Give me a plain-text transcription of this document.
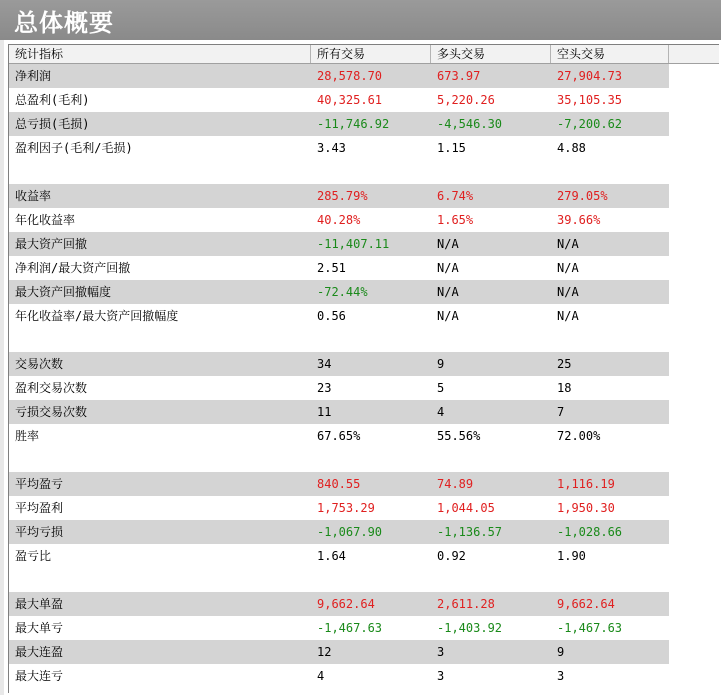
总体概要
统计指标	所有交易	多头交易	空头交易
净利润	28,578.70	673.97	27,904.73
总盈利(毛利)	40,325.61	5,220.26	35,105.35
总亏损(毛损)	-11,746.92	-4,546.30	-7,200.62
盈利因子(毛利/毛损)	3.43	1.15	4.88
收益率	285.79%	6.74%	279.05%
年化收益率	40.28%	1.65%	39.66%
最大资产回撤	-11,407.11	N/A	N/A
净利润/最大资产回撤	2.51	N/A	N/A
最大资产回撤幅度	-72.44%	N/A	N/A
年化收益率/最大资产回撤幅度	0.56	N/A	N/A
交易次数	34	9	25
盈利交易次数	23	5	18
亏损交易次数	11	4	7
胜率	67.65%	55.56%	72.00%
平均盈亏	840.55	74.89	1,116.19
平均盈利	1,753.29	1,044.05	1,950.30
平均亏损	-1,067.90	-1,136.57	-1,028.66
盈亏比	1.64	0.92	1.90
最大单盈	9,662.64	2,611.28	9,662.64
最大单亏	-1,467.63	-1,403.92	-1,467.63
最大连盈	12	3	9
最大连亏	4	3	3
